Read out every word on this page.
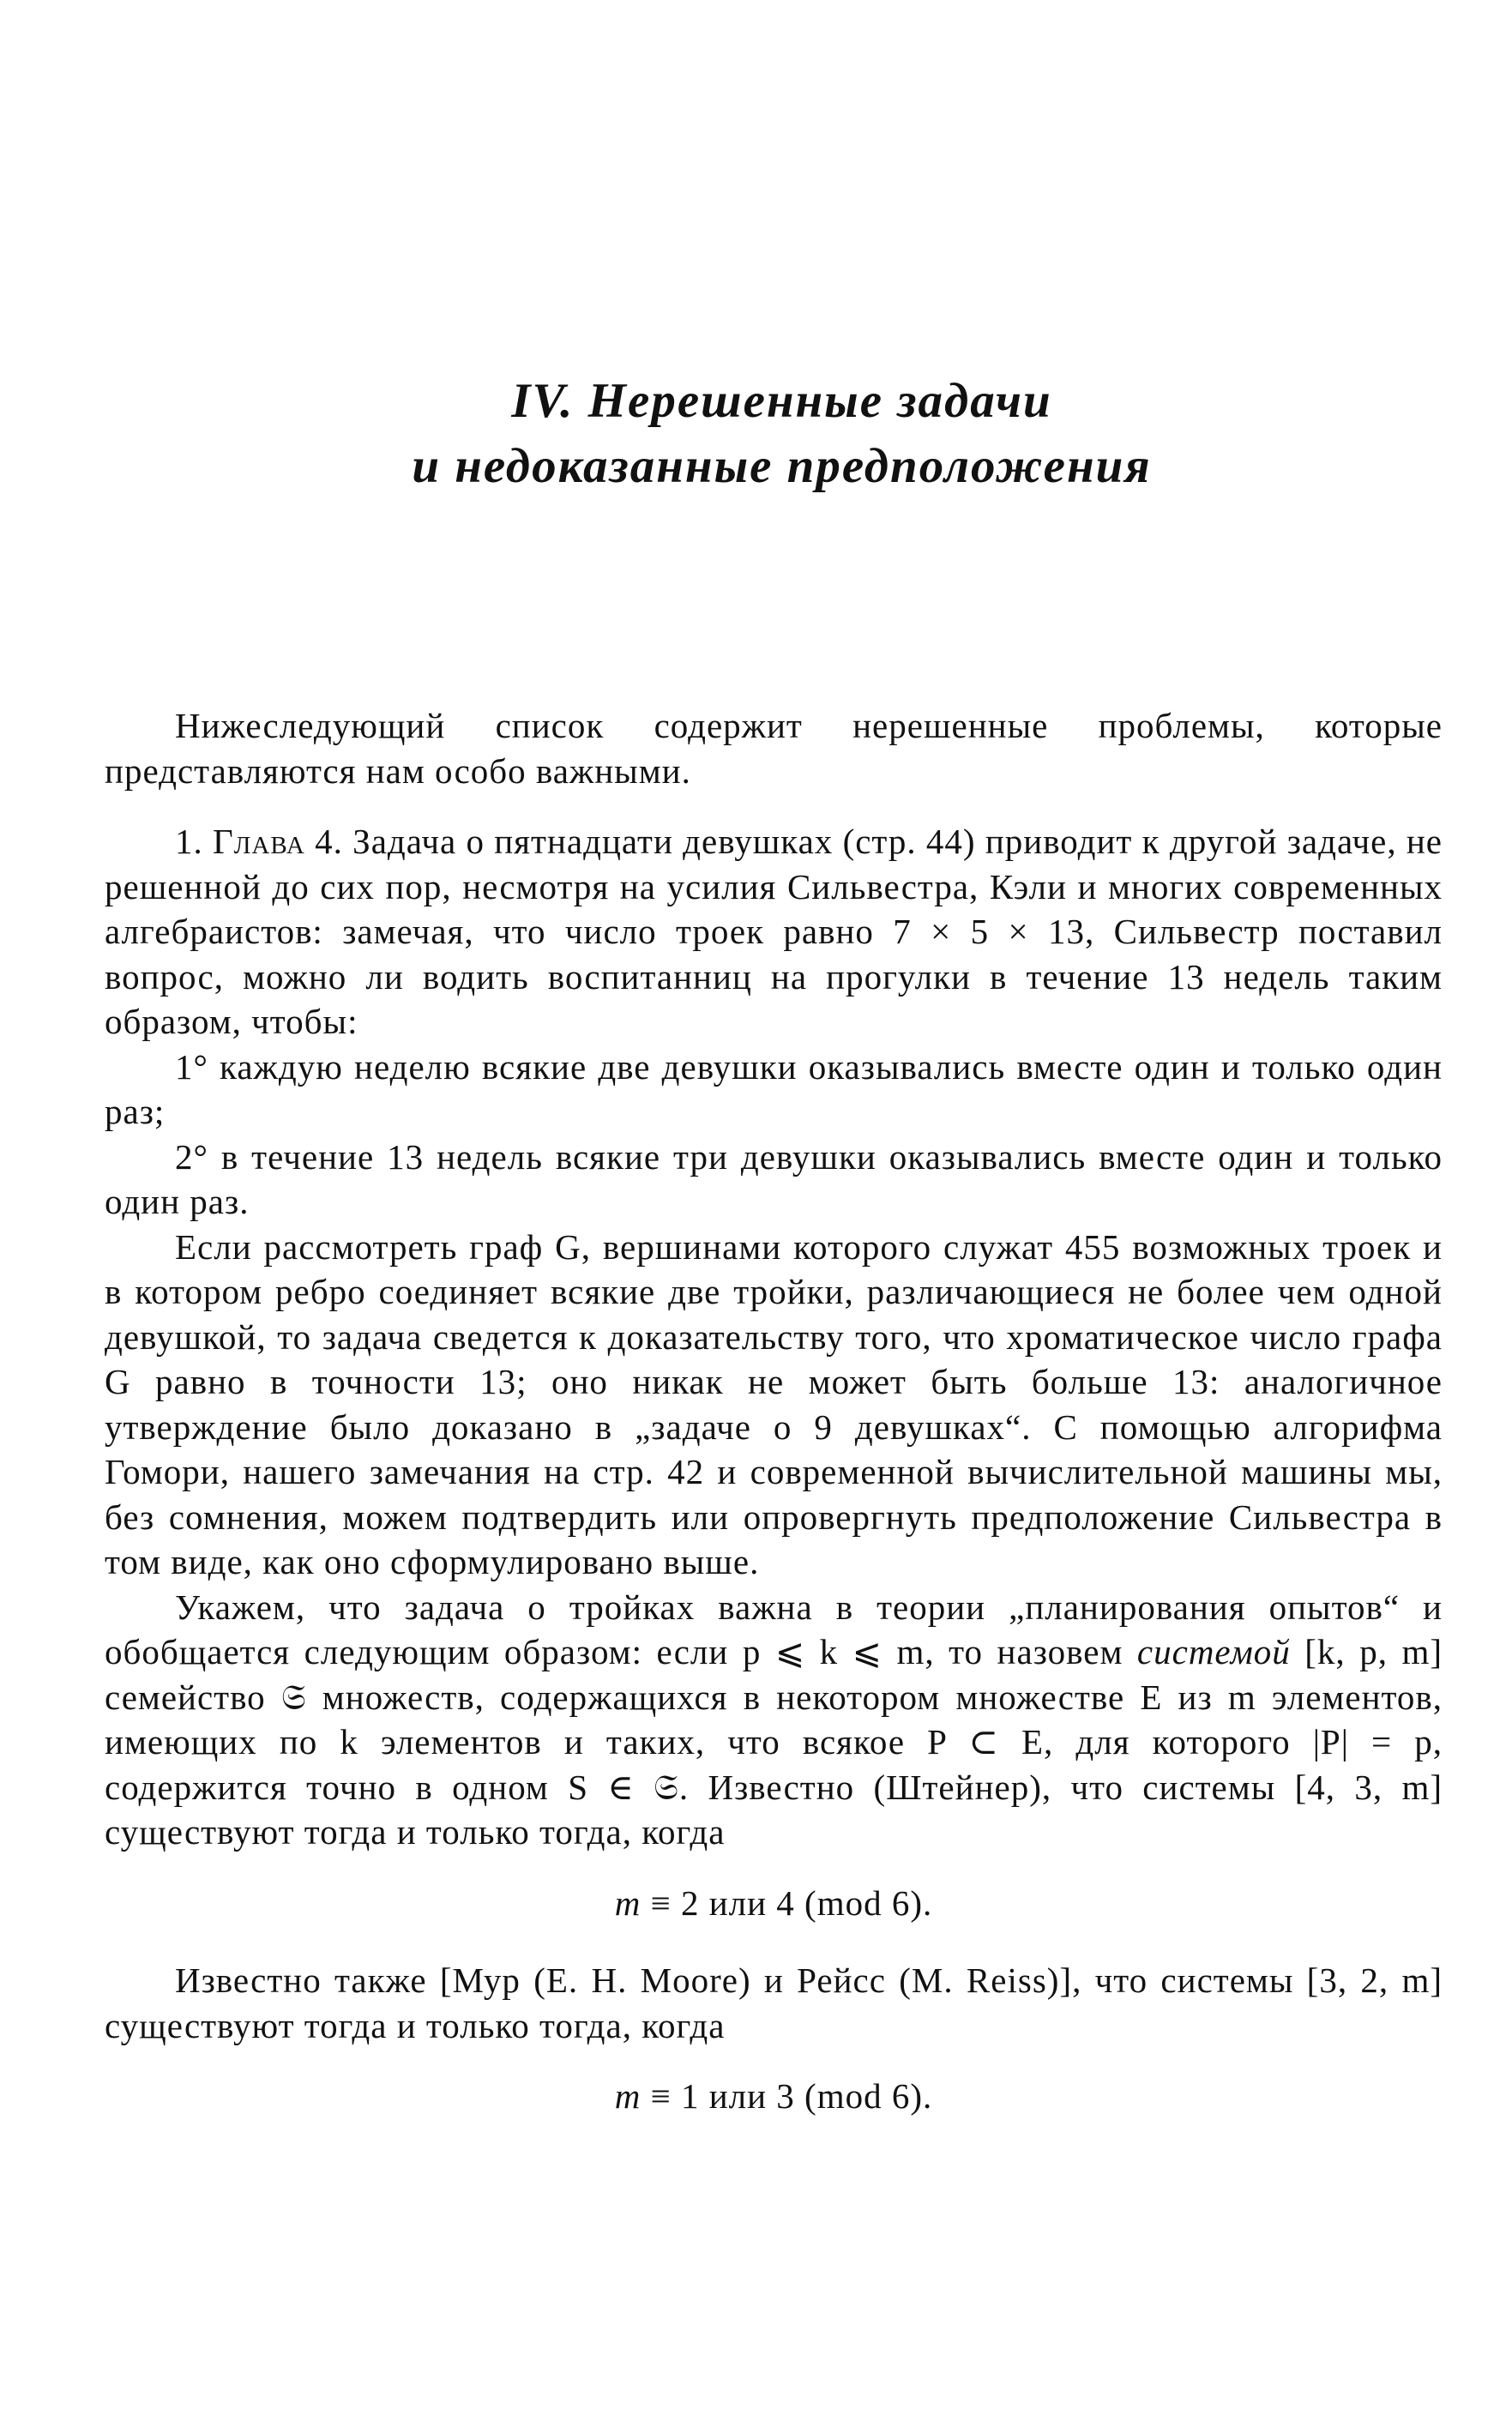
IV. Нерешенные задачи
и недоказанные предположения

Нижеследующий список содержит нерешенные проблемы, которые представляются нам особо важными.

1. Глава 4. Задача о пятнадцати девушках (стр. 44) приводит к другой задаче, не решенной до сих пор, несмотря на усилия Сильвестра, Кэли и многих современных алгебраистов: замечая, что число троек равно 7 × 5 × 13, Сильвестр поставил вопрос, можно ли водить воспитанниц на прогулки в течение 13 недель таким образом, чтобы:

1° каждую неделю всякие две девушки оказывались вместе один и только один раз;

2° в течение 13 недель всякие три девушки оказывались вместе один и только один раз.

Если рассмотреть граф G, вершинами которого служат 455 возможных троек и в котором ребро соединяет всякие две тройки, различающиеся не более чем одной девушкой, то задача сведется к доказательству того, что хроматическое число графа G равно в точности 13; оно никак не может быть больше 13: аналогичное утверждение было доказано в „задаче о 9 девушках“. С помощью алгорифма Гомори, нашего замечания на стр. 42 и современной вычислительной машины мы, без сомнения, можем подтвердить или опровергнуть предположение Сильвестра в том виде, как оно сформулировано выше.

Укажем, что задача о тройках важна в теории „планирования опытов“ и обобщается следующим образом: если p ⩽ k ⩽ m, то назовем системой [k, p, m] семейство 𝔖 множеств, содержащихся в некотором множестве E из m элементов, имеющих по k элементов и таких, что всякое P ⊂ E, для которого |P| = p, содержится точно в одном S ∈ 𝔖. Известно (Штейнер), что системы [4, 3, m] существуют тогда и только тогда, когда

m ≡ 2 или 4 (mod 6).

Известно также [Мур (E. H. Moore) и Рейсс (M. Reiss)], что системы [3, 2, m] существуют тогда и только тогда, когда

m ≡ 1 или 3 (mod 6).
